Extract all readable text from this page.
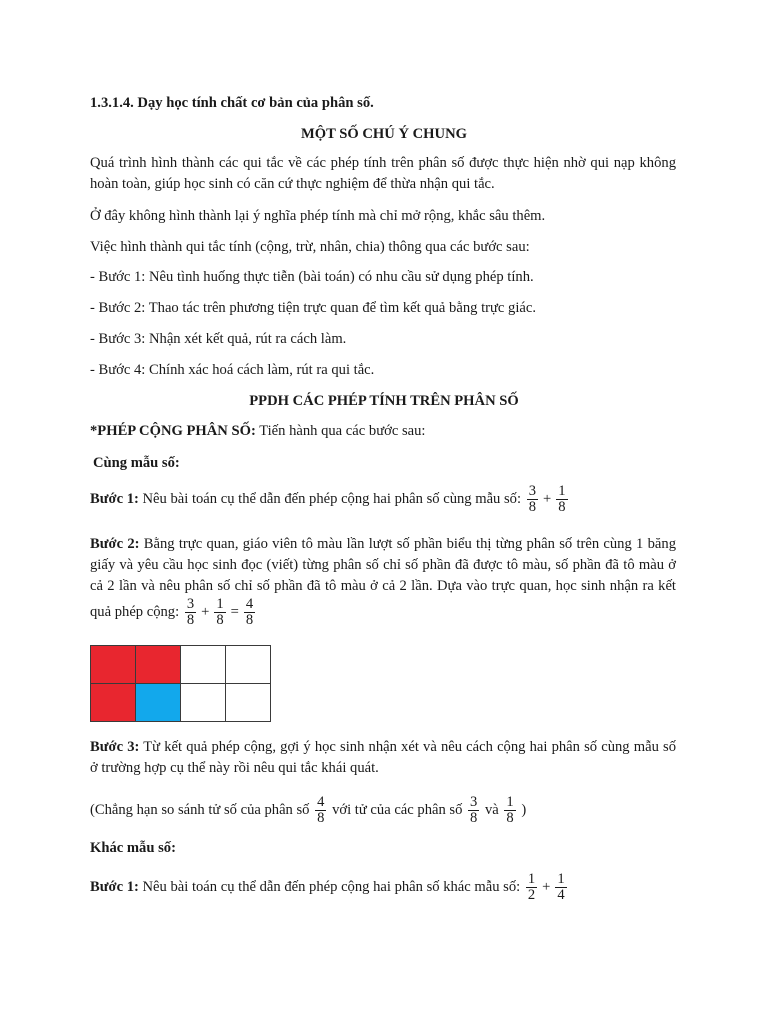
1.3.1.4. Dạy học tính chất cơ bản của phân số.
MỘT SỐ CHÚ Ý CHUNG
Quá trình hình thành các qui tắc về các phép tính trên phân số được thực hiện nhờ qui nạp không hoàn toàn, giúp học sinh có căn cứ thực nghiệm để thừa nhận qui tắc.
Ở đây không hình thành lại ý nghĩa phép tính mà chỉ mở rộng, khắc sâu thêm.
Việc hình thành qui tắc tính (cộng, trừ, nhân, chia) thông qua các bước sau:
- Bước 1: Nêu tình huống thực tiễn (bài toán) có nhu cầu sử dụng phép tính.
- Bước 2: Thao tác trên phương tiện trực quan để tìm kết quả bằng trực giác.
- Bước 3: Nhận xét kết quả, rút ra cách làm.
- Bước 4: Chính xác hoá cách làm, rút ra qui tắc.
PPDH CÁC PHÉP TÍNH TRÊN PHÂN SỐ
*PHÉP CỘNG PHÂN SỐ: Tiến hành qua các bước sau:
Cùng mẫu số:
Bước 1: Nêu bài toán cụ thể dẫn đến phép cộng hai phân số cùng mẫu số: $\frac{3}{8} + \frac{1}{8}$
Bước 2: Bằng trực quan, giáo viên tô màu lần lượt số phần biểu thị từng phân số trên cùng 1 băng giấy và yêu cầu học sinh đọc (viết) từng phân số chỉ số phần đã được tô màu, số phần đã tô màu ở cả 2 lần và nêu phân số chỉ số phần đã tô màu ở cả 2 lần. Dựa vào trực quan, học sinh nhận ra kết quả phép cộng: $\frac{3}{8} + \frac{1}{8} = \frac{4}{8}$

Bước 3: Từ kết quả phép cộng, gợi ý học sinh nhận xét và nêu cách cộng hai phân số cùng mẫu số ở trường hợp cụ thể này rồi nêu qui tắc khái quát.
(Chẳng hạn so sánh tử số của phân số $\frac{4}{8}$ với tử của các phân số $\frac{3}{8}$ và $\frac{1}{8}$ )
Khác mẫu số:
Bước 1: Nêu bài toán cụ thể dẫn đến phép cộng hai phân số khác mẫu số: $\frac{1}{2} + \frac{1}{4}$
